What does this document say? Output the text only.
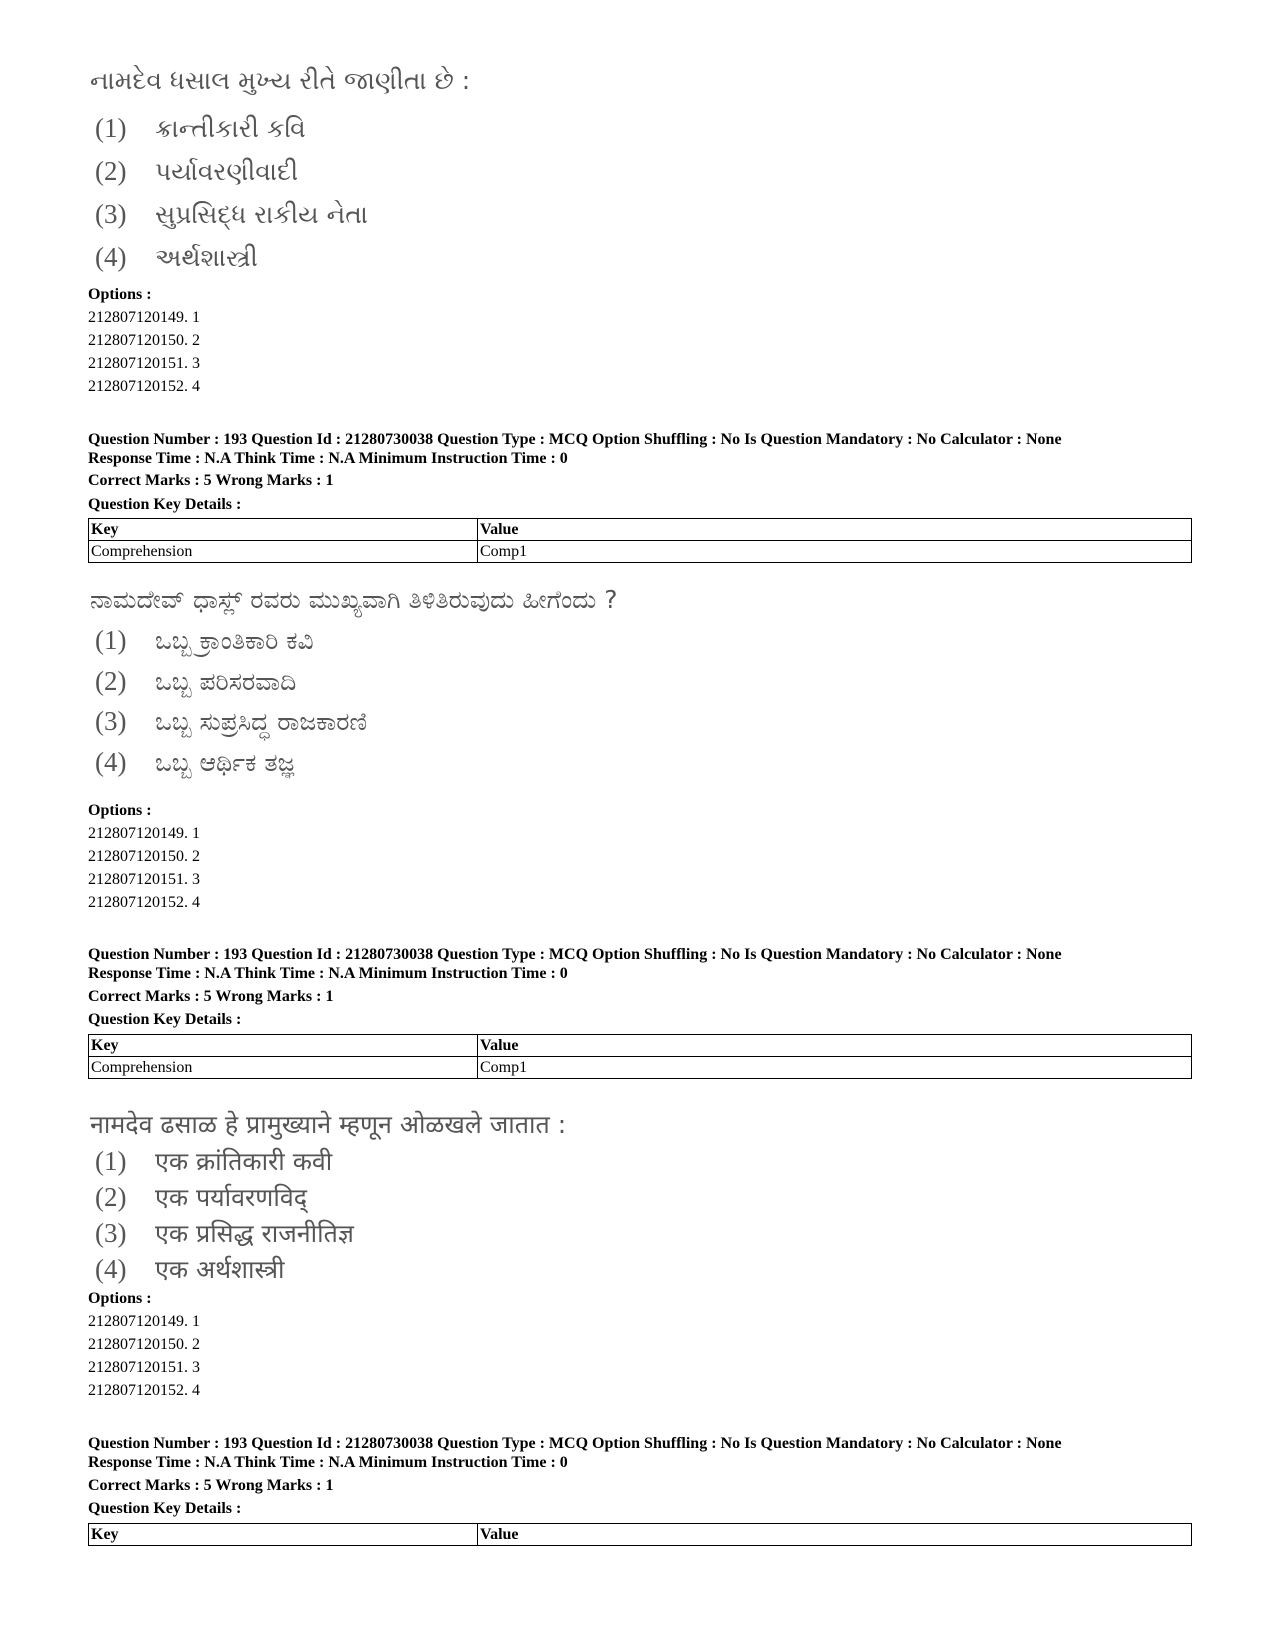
નામદેવ ધસાલ મુખ્ય રીતે જાણીતા છે :
(1) ક્રાન્તીકારી કવિ
(2) પર્યાવરણીવાદી
(3) સુપ્રસિદ્ધ રાકીય નેતા
(4) અર્થશાસ્ત્રી
Options :
212807120149. 1
212807120150. 2
212807120151. 3
212807120152. 4
Question Number : 193 Question Id : 21280730038 Question Type : MCQ Option Shuffling : No Is Question Mandatory : No Calculator : None
Response Time : N.A Think Time : N.A Minimum Instruction Time : 0
Correct Marks : 5 Wrong Marks : 1
Question Key Details :
Key	Value
Comprehension	Comp1
ನಾಮದೇವ್ ಧಾಸ್ಲ್ ರವರು ಮುಖ್ಯವಾಗಿ ತಿಳಿತಿರುವುದು ಹೀಗೆಂದು ?
(1) ಒಬ್ಬ ಕ್ರಾಂತಿಕಾರಿ ಕವಿ
(2) ಒಬ್ಬ ಪರಿಸರವಾದಿ
(3) ಒಬ್ಬ ಸುಪ್ರಸಿದ್ಧ ರಾಜಕಾರಣಿ
(4) ಒಬ್ಬ ಆರ್ಥಿಕ ತಜ್ಞ
Options :
212807120149. 1
212807120150. 2
212807120151. 3
212807120152. 4
Question Number : 193 Question Id : 21280730038 Question Type : MCQ Option Shuffling : No Is Question Mandatory : No Calculator : None
Response Time : N.A Think Time : N.A Minimum Instruction Time : 0
Correct Marks : 5 Wrong Marks : 1
Question Key Details :
Key	Value
Comprehension	Comp1
नामदेव ढसाळ हे प्रामुख्याने म्हणून ओळखले जातात :
(1) एक क्रांतिकारी कवी
(2) एक पर्यावरणविद्
(3) एक प्रसिद्ध राजनीतिज्ञ
(4) एक अर्थशास्त्री
Options :
212807120149. 1
212807120150. 2
212807120151. 3
212807120152. 4
Question Number : 193 Question Id : 21280730038 Question Type : MCQ Option Shuffling : No Is Question Mandatory : No Calculator : None
Response Time : N.A Think Time : N.A Minimum Instruction Time : 0
Correct Marks : 5 Wrong Marks : 1
Question Key Details :
Key	Value
